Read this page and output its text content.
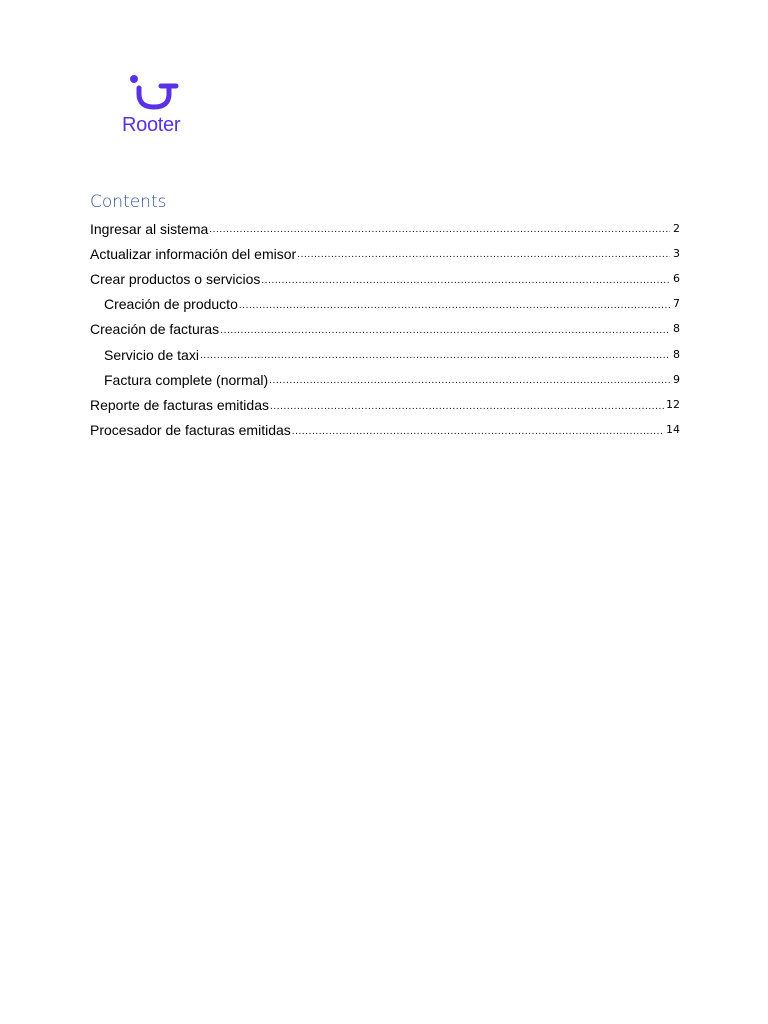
Rooter
Contents
Ingresar al sistema .....	2
Actualizar información del emisor .....	3
Crear productos o servicios .....	6
Creación de producto .....	7
Creación de facturas .....	8
Servicio de taxi .....	8
Factura complete (normal) .....	9
Reporte de facturas emitidas .....	12
Procesador de facturas emitidas .....	14
